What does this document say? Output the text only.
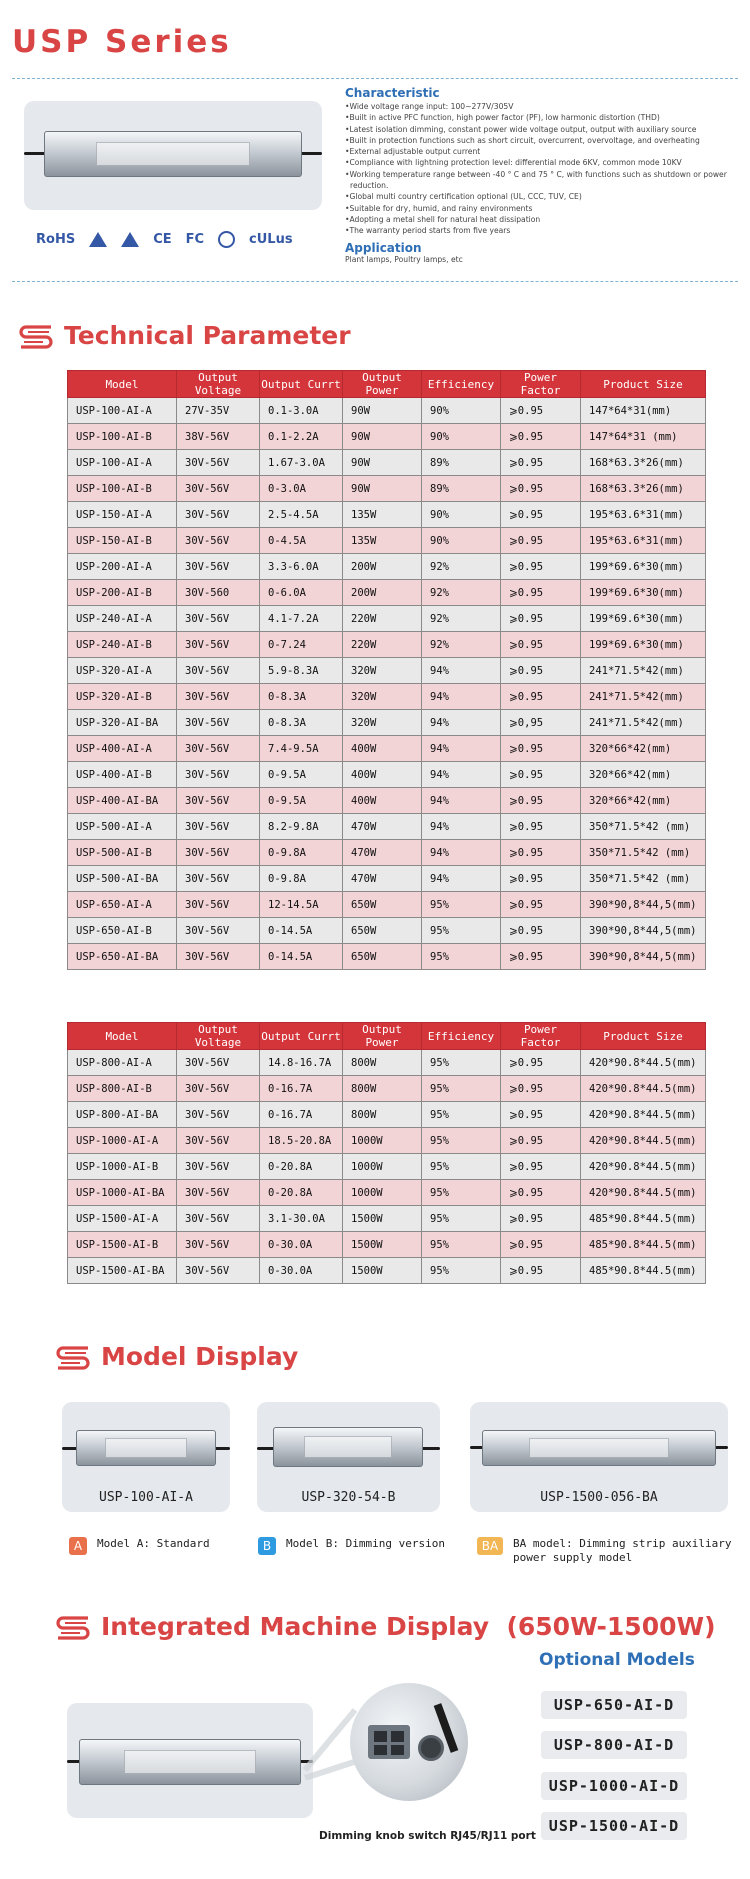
USP Series
RoHS	CE FC	cULus
Characteristic
• Wide voltage range input: 100~277V/305V
• Built in active PFC function, high power factor (PF), low harmonic distortion (THD)
• Latest isolation dimming, constant power wide voltage output, output with auxiliary source
• Built in protection functions such as short circuit, overcurrent, overvoltage, and overheating
• External adjustable output current
• Compliance with lightning protection level: differential mode 6KV, common mode 10KV
• Working temperature range between -40 ° C and 75 ° C, with functions such as shutdown or power reduction.
• Global multi country certification optional (UL, CCC, TUV, CE)
• Suitable for dry, humid, and rainy environments
• Adopting a metal shell for natural heat dissipation
• The warranty period starts from five years
Application
Plant lamps, Poultry lamps, etc
Technical Parameter
Model	Output Voltage	Output Currt	Output Power	Efficiency	Power Factor	Product Size
USP-100-AI-A	27V-35V	0.1-3.0A	90W	90%	⩾0.95	147*64*31(mm)
USP-100-AI-B	38V-56V	0.1-2.2A	90W	90%	⩾0.95	147*64*31 (mm)
USP-100-AI-A	30V-56V	1.67-3.0A	90W	89%	⩾0.95	168*63.3*26(mm)
USP-100-AI-B	30V-56V	0-3.0A	90W	89%	⩾0.95	168*63.3*26(mm)
USP-150-AI-A	30V-56V	2.5-4.5A	135W	90%	⩾0.95	195*63.6*31(mm)
USP-150-AI-B	30V-56V	0-4.5A	135W	90%	⩾0.95	195*63.6*31(mm)
USP-200-AI-A	30V-56V	3.3-6.0A	200W	92%	⩾0.95	199*69.6*30(mm)
USP-200-AI-B	30V-560	0-6.0A	200W	92%	⩾0.95	199*69.6*30(mm)
USP-240-AI-A	30V-56V	4.1-7.2A	220W	92%	⩾0.95	199*69.6*30(mm)
USP-240-AI-B	30V-56V	0-7.24	220W	92%	⩾0.95	199*69.6*30(mm)
USP-320-AI-A	30V-56V	5.9-8.3A	320W	94%	⩾0.95	241*71.5*42(mm)
USP-320-AI-B	30V-56V	0-8.3A	320W	94%	⩾0.95	241*71.5*42(mm)
USP-320-AI-BA	30V-56V	0-8.3A	320W	94%	⩾0,95	241*71.5*42(mm)
USP-400-AI-A	30V-56V	7.4-9.5A	400W	94%	⩾0.95	320*66*42(mm)
USP-400-AI-B	30V-56V	0-9.5A	400W	94%	⩾0.95	320*66*42(mm)
USP-400-AI-BA	30V-56V	0-9.5A	400W	94%	⩾0.95	320*66*42(mm)
USP-500-AI-A	30V-56V	8.2-9.8A	470W	94%	⩾0.95	350*71.5*42 (mm)
USP-500-AI-B	30V-56V	0-9.8A	470W	94%	⩾0.95	350*71.5*42 (mm)
USP-500-AI-BA	30V-56V	0-9.8A	470W	94%	⩾0.95	350*71.5*42 (mm)
USP-650-AI-A	30V-56V	12-14.5A	650W	95%	⩾0.95	390*90,8*44,5(mm)
USP-650-AI-B	30V-56V	0-14.5A	650W	95%	⩾0.95	390*90,8*44,5(mm)
USP-650-AI-BA	30V-56V	0-14.5A	650W	95%	⩾0.95	390*90,8*44,5(mm)
Model	Output Voltage	Output Currt	Output Power	Efficiency	Power Factor	Product Size
USP-800-AI-A	30V-56V	14.8-16.7A	800W	95%	⩾0.95	420*90.8*44.5(mm)
USP-800-AI-B	30V-56V	0-16.7A	800W	95%	⩾0.95	420*90.8*44.5(mm)
USP-800-AI-BA	30V-56V	0-16.7A	800W	95%	⩾0.95	420*90.8*44.5(mm)
USP-1000-AI-A	30V-56V	18.5-20.8A	1000W	95%	⩾0.95	420*90.8*44.5(mm)
USP-1000-AI-B	30V-56V	0-20.8A	1000W	95%	⩾0.95	420*90.8*44.5(mm)
USP-1000-AI-BA	30V-56V	0-20.8A	1000W	95%	⩾0.95	420*90.8*44.5(mm)
USP-1500-AI-A	30V-56V	3.1-30.0A	1500W	95%	⩾0.95	485*90.8*44.5(mm)
USP-1500-AI-B	30V-56V	0-30.0A	1500W	95%	⩾0.95	485*90.8*44.5(mm)
USP-1500-AI-BA	30V-56V	0-30.0A	1500W	95%	⩾0.95	485*90.8*44.5(mm)
Model Display
USP-100-AI-A	USP-320-54-B	USP-1500-056-BA
A	Model A: Standard	B	Model B: Dimming version	BA	BA model: Dimming strip auxiliary power supply model
Integrated Machine Display  (650W-1500W)
Optional Models
USP-650-AI-D
USP-800-AI-D
USP-1000-AI-D
USP-1500-AI-D
Dimming knob switch RJ45/RJ11 port
